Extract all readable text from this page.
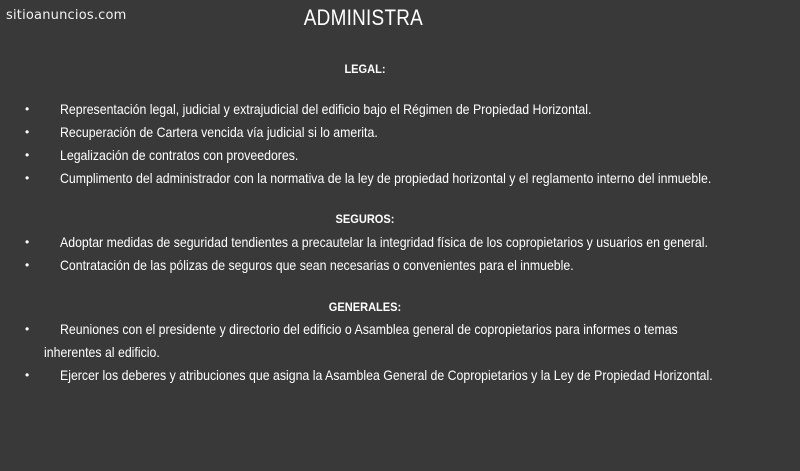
sitioanuncios.com	ADMINISTRA
LEGAL:
• Representación legal, judicial y extrajudicial del edificio bajo el Régimen de Propiedad Horizontal.
• Recuperación de Cartera vencida vía judicial si lo amerita.
• Legalización de contratos con proveedores.
• Cumplimento del administrador con la normativa de la ley de propiedad horizontal y el reglamento interno del inmueble.
SEGUROS:
• Adoptar medidas de seguridad tendientes a precautelar la integridad física de los copropietarios y usuarios en general.
• Contratación de las pólizas de seguros que sean necesarias o convenientes para el inmueble.
GENERALES:
• Reuniones con el presidente y directorio del edificio o Asamblea general de copropietarios para informes o temas
inherentes al edificio.
• Ejercer los deberes y atribuciones que asigna la Asamblea General de Copropietarios y la Ley de Propiedad Horizontal.
